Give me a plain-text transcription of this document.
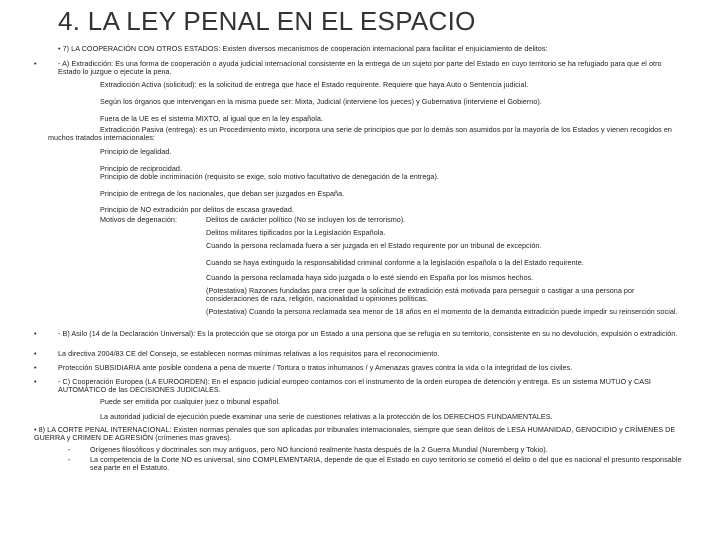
4. LA LEY PENAL EN EL ESPACIO
• 7) LA COOPERACIÓN CON OTROS ESTADOS: Existen diversos mecanismos de cooperación internacional para facilitar el enjuiciamiento de delitos:
•	- A) Extradicción: Es una forma de cooperación o ayuda judicial internacional consistente en la entrega de un sujeto por parte del Estado en cuyo territorio se ha refugiado para que el otro Estado lo juzgue o ejecute la pena.
Extradicción Activa (solicitud): es la solicitud de entrega que hace el Estado requirente. Requiere que haya Auto o Sentencia judicial.
Según los órganos que intervengan en la misma puede ser: Mixta, Judicial (interviene los jueces) y Gubernativa (interviene el Gobierno).
Fuera de la UE es el sistema MIXTO, al igual que en la ley española.
Extradicción Pasiva (entrega): es un Procedimiento mixto, incorpora una serie de principios que por lo demás son asumidos por la mayoría de los Estados y vienen recogidos en muchos tratados internacionales:
Principio de legalidad.
Principio de reciprocidad.
Principio de doble incriminación (requisito se exige, solo motivo facultativo de denegación de la entrega).
Principio de entrega de los nacionales, que deban ser juzgados en España.
Principio de NO extradición por delitos de escasa gravedad.
Motivos de degenación:	Delitos de carácter político (No se incluyen los de terrorismo).
Delitos militares tipificados por la Legislación Española.
Cuando la persona reclamada fuera a ser juzgada en el Estado requirente por un tribunal de excepción.
Cuando se haya extinguido la responsabilidad criminal conforme a la legislación española o la del Estado requirente.
Cuando la persona reclamada haya sido juzgada o lo esté siendo en España por los mismos hechos.
(Potestativa) Razones fundadas para creer que la solicitud de extradición está motivada para perseguir o castigar a una persona por consideraciones de raza, religión, nacionalidad u opiniones políticas.
(Potestativa) Cuando la persona reclamada sea menor de 18 años en el momento de la demanda extradición puede impedir su reinserción social.
•	- B) Asilo (14 de la Declaración Universal): Es la protección que se otorga por un Estado a una persona que se refugia en su territorio, consistente en su no devolución, expulsión o extradición.
•	La directiva 2004/83 CE del Consejo, se establecen normas mínimas relativas a los requisitos para el reconocimiento.
•	Protección SUBSIDIARIA ante posible condena a pena de muerte / Tortura o tratos inhumanos / y Amenazas graves contra la vida o la integridad de los civiles.
•	- C) Cooperación Europea (LA EUROORDEN): En el espacio judicial europeo contamos con el instrumento de la orden europea de detención y entrega. Es un sistema MUTUO y CASI AUTOMÁTICO de las DECISIONES JUDICIALES.
Puede ser emitida por cualquier juez o tribunal español.
La autoridad judicial de ejecución puede examinar una serie de cuestiones relativas a la protección de los DERECHOS FUNDAMENTALES.
• 8) LA CORTE PENAL INTERNACIONAL: Existen normas penales que son aplicadas por tribunales internacionales, siempre que sean delitos de LESA HUMANIDAD, GENOCIDIO y CRÍMENES DE GUERRA y CRIMEN DE AGRESIÓN (crímenes mas graves).
-	Orígenes filosóficos y doctrinales son muy antiguos, pero NO funcionó realmente hasta después de la 2 Guerra Mundial (Nuremberg y Tokio).
-	La competencia de la Corte NO es universal, sino COMPLEMENTARIA, depende de que el Estado en cuyo territorio se cometió el delito o del que es nacional el presunto responsable sea parte en el Estatuto.
